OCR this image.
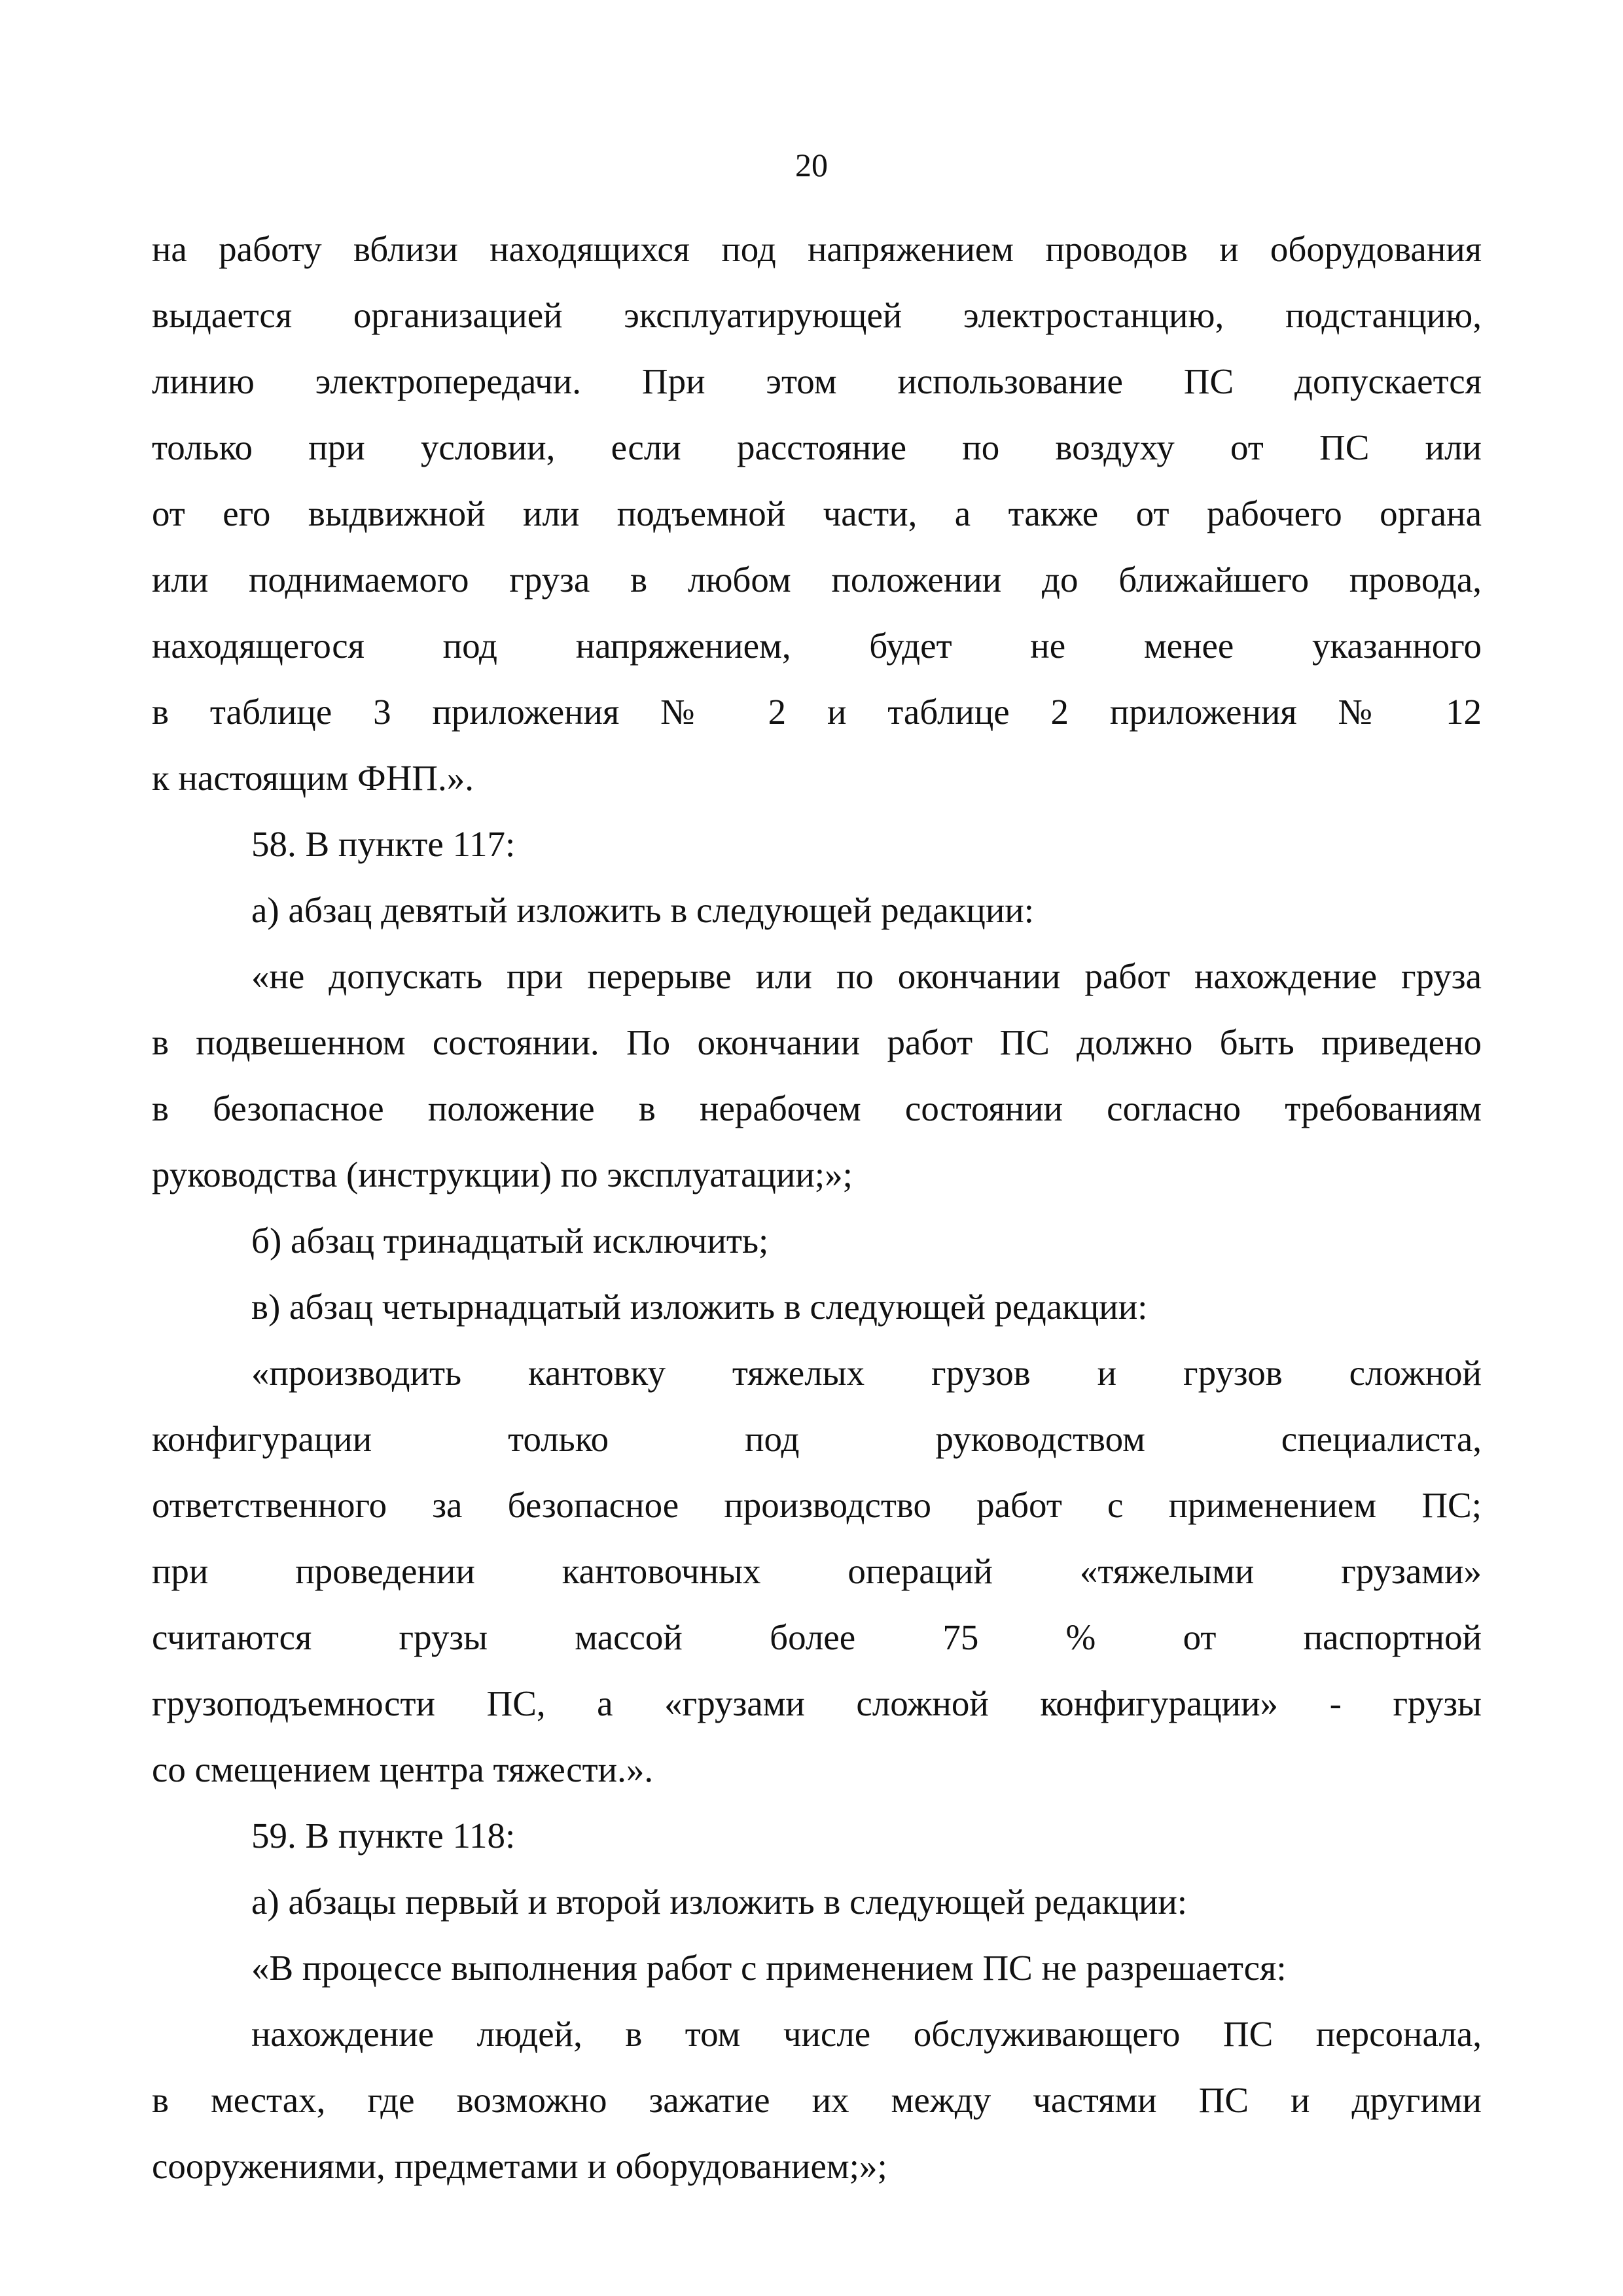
20
на работу вблизи находящихся под напряжением проводов и оборудования
выдается организацией эксплуатирующей электростанцию, подстанцию,
линию электропередачи. При этом использование ПС допускается
только при условии, если расстояние по воздуху от ПС или
от его выдвижной или подъемной части, а также от рабочего органа
или поднимаемого груза в любом положении до ближайшего провода,
находящегося под напряжением, будет не менее указанного
в таблице 3 приложения № 2 и таблице 2 приложения № 12
к настоящим ФНП.».
58. В пункте 117:
а) абзац девятый изложить в следующей редакции:
«не допускать при перерыве или по окончании работ нахождение груза
в подвешенном состоянии. По окончании работ ПС должно быть приведено
в безопасное положение в нерабочем состоянии согласно требованиям
руководства (инструкции) по эксплуатации;»;
б) абзац тринадцатый исключить;
в) абзац четырнадцатый изложить в следующей редакции:
«производить кантовку тяжелых грузов и грузов сложной
конфигурации только под руководством специалиста,
ответственного за безопасное производство работ с применением ПС;
при проведении кантовочных операций «тяжелыми грузами»
считаются грузы массой более 75 % от паспортной
грузоподъемности ПС, а «грузами сложной конфигурации» - грузы
со смещением центра тяжести.».
59. В пункте 118:
а) абзацы первый и второй изложить в следующей редакции:
«В процессе выполнения работ с применением ПС не разрешается:
нахождение людей, в том числе обслуживающего ПС персонала,
в местах, где возможно зажатие их между частями ПС и другими
сооружениями, предметами и оборудованием;»;
